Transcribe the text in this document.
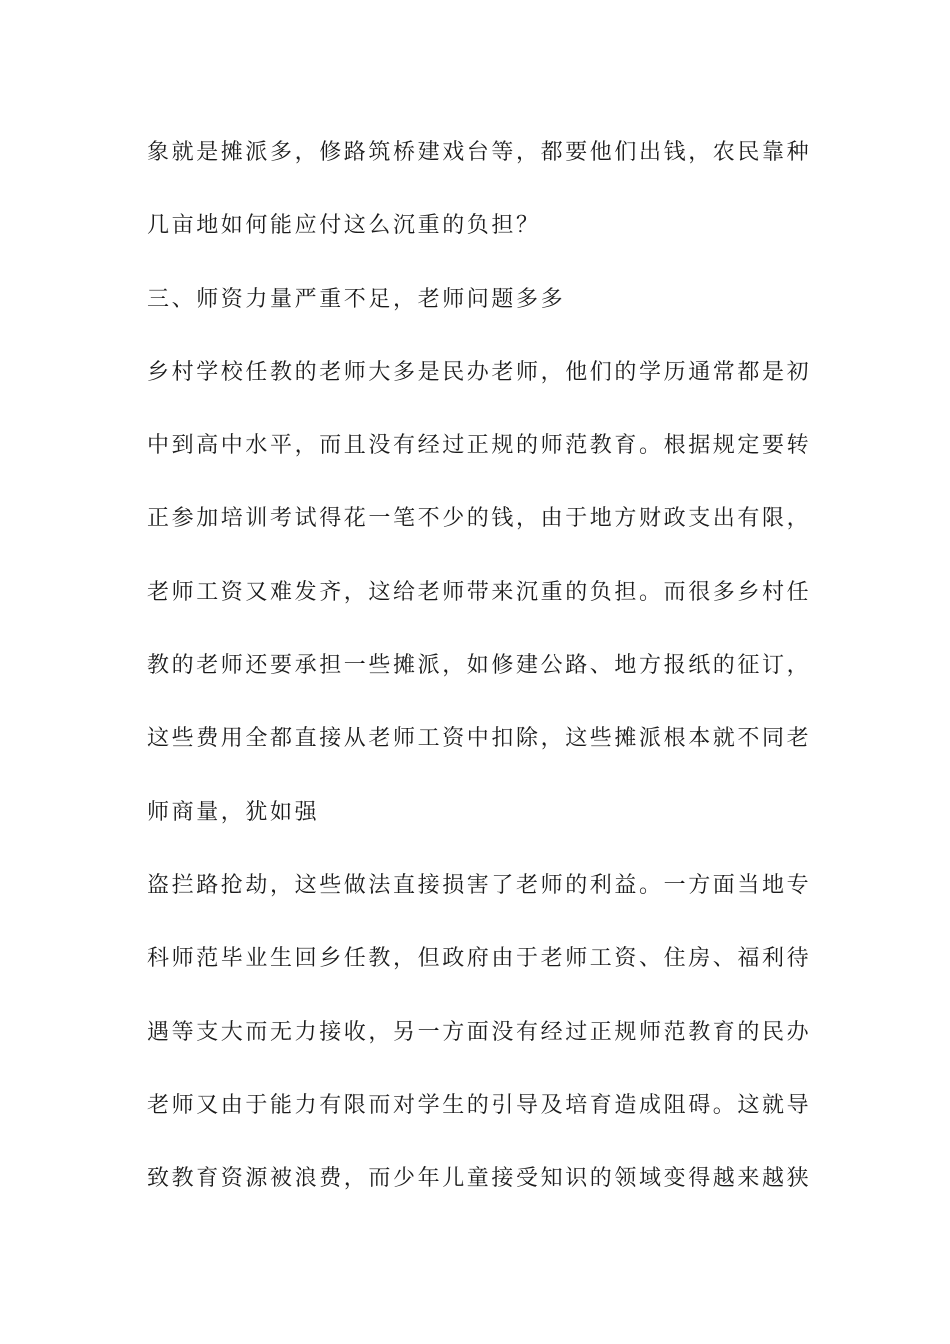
象就是摊派多，修路筑桥建戏台等，都要他们出钱，农民靠种
几亩地如何能应付这么沉重的负担？
三、师资力量严重不足，老师问题多多
乡村学校任教的老师大多是民办老师，他们的学历通常都是初
中到高中水平，而且没有经过正规的师范教育。根据规定要转
正参加培训考试得花一笔不少的钱，由于地方财政支出有限，
老师工资又难发齐，这给老师带来沉重的负担。而很多乡村任
教的老师还要承担一些摊派，如修建公路、地方报纸的征订，
这些费用全都直接从老师工资中扣除，这些摊派根本就不同老
师商量，犹如强
盗拦路抢劫，这些做法直接损害了老师的利益。一方面当地专
科师范毕业生回乡任教，但政府由于老师工资、住房、福利待
遇等支大而无力接收，另一方面没有经过正规师范教育的民办
老师又由于能力有限而对学生的引导及培育造成阻碍。这就导
致教育资源被浪费，而少年儿童接受知识的领域变得越来越狭
